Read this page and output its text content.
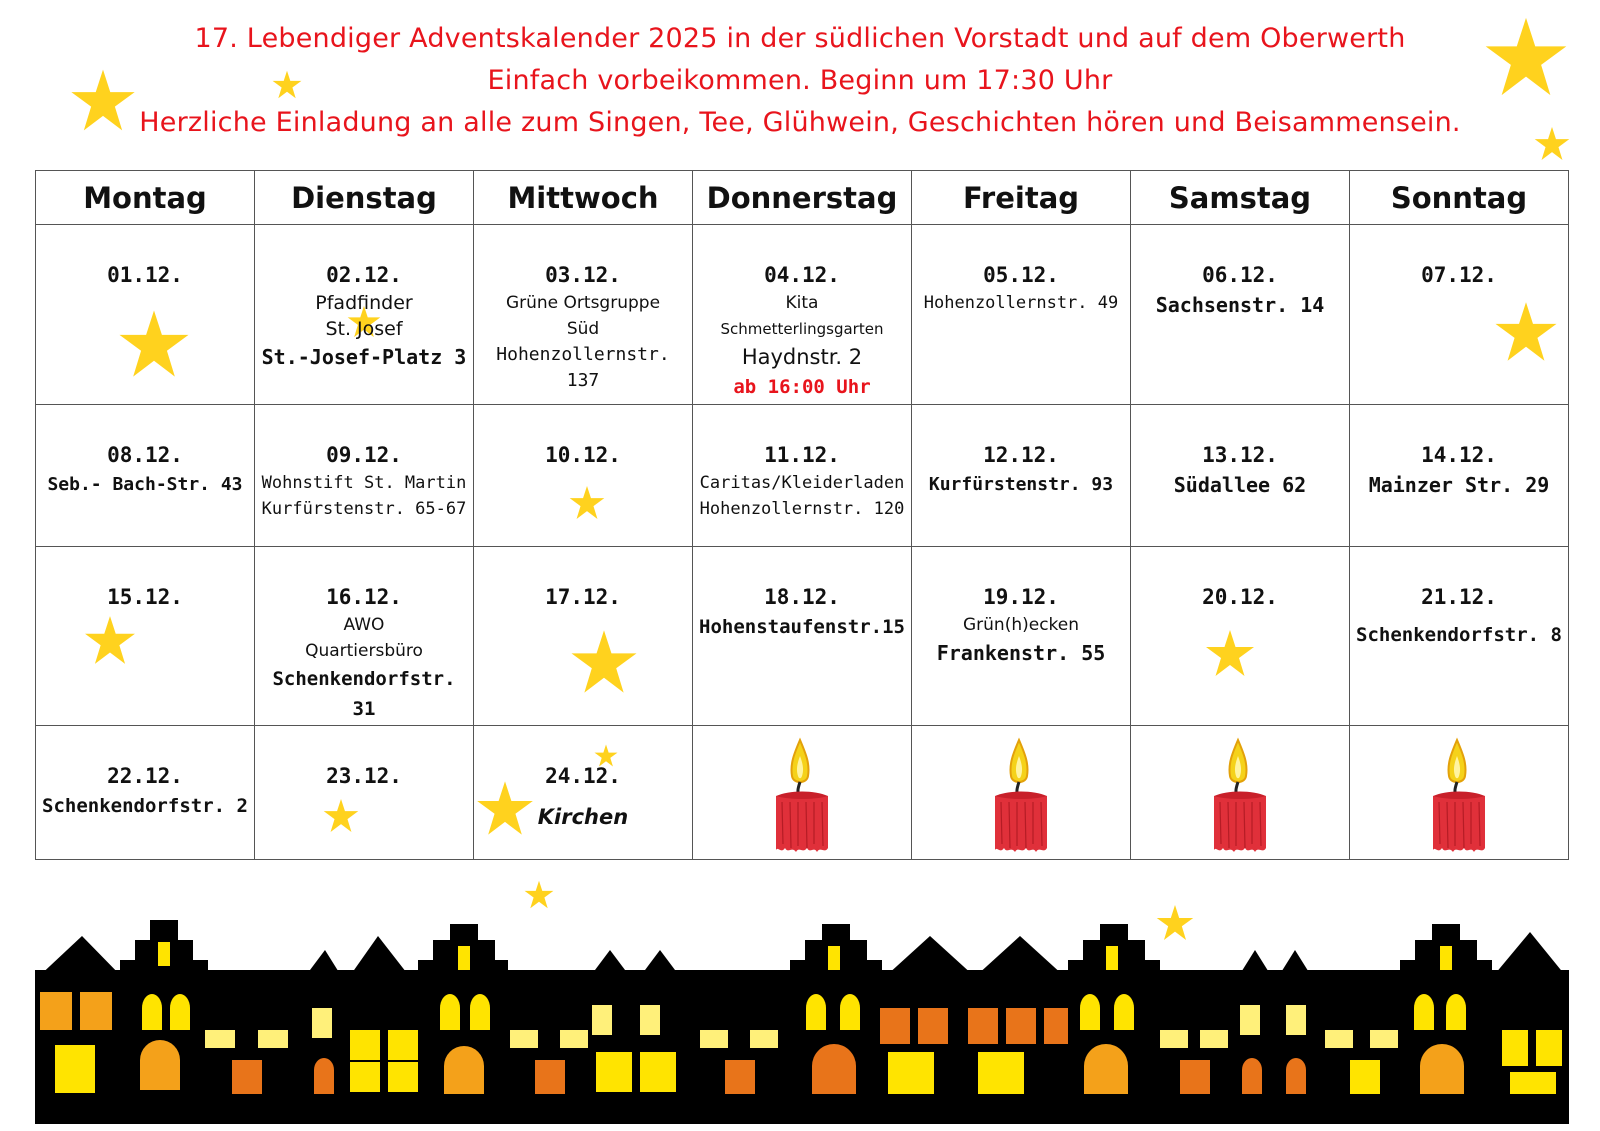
17. Lebendiger Adventskalender 2025 in der südlichen Vorstadt und auf dem Oberwerth
Einfach vorbeikommen. Beginn um 17:30 Uhr
Herzliche Einladung an alle zum Singen, Tee, Glühwein, Geschichten hören und Beisammensein.
Montag	Dienstag	Mittwoch	Donnerstag	Freitag	Samstag	Sonntag

01.12.	02.12.
Pfadfinder
St. Josef
St.-Josef-Platz 3	03.12.
Grüne Ortsgruppe
Süd
Hohenzollernstr. 137	04.12.
Kita
Schmetterlingsgarten
Haydnstr. 2
ab 16:00 Uhr	05.12.
Hohenzollernstr. 49	06.12.
Sachsenstr. 14	07.12.

08.12.
Seb.- Bach-Str. 43	09.12.
Wohnstift St. Martin
Kurfürstenstr. 65-67	10.12.	11.12.
Caritas/Kleiderladen
Hohenzollernstr. 120	12.12.
Kurfürstenstr. 93	13.12.
Südallee 62	14.12.
Mainzer Str. 29

15.12.	16.12.
AWO
Quartiersbüro
Schenkendorfstr. 31	17.12.	18.12.
Hohenstaufenstr.15	19.12.
Grün(h)ecken
Frankenstr. 55	20.12.	21.12.
Schenkendorfstr. 8

22.12.
Schenkendorfstr. 2	23.12.	24.12.
Kirchen
